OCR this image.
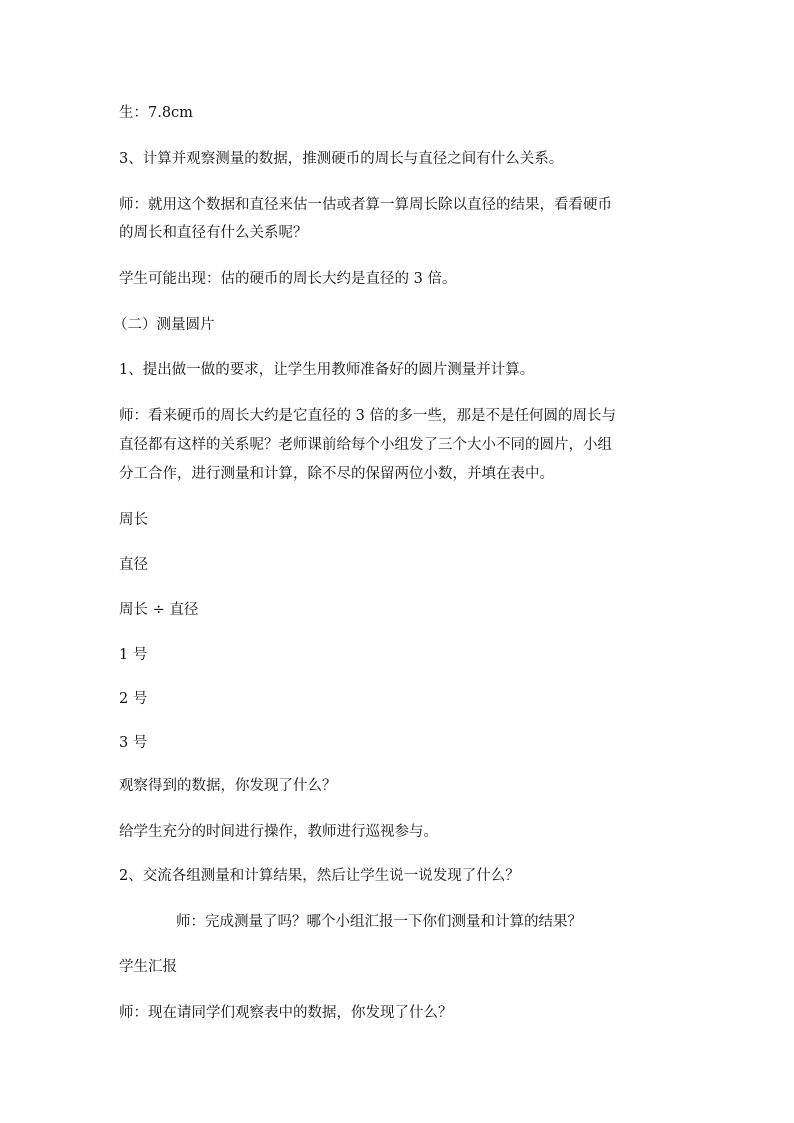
生：7.8cm
3、计算并观察测量的数据，推测硬币的周长与直径之间有什么关系。
师：就用这个数据和直径来估一估或者算一算周长除以直径的结果，看看硬币
的周长和直径有什么关系呢？
学生可能出现：估的硬币的周长大约是直径的 3 倍。
（二）测量圆片
1、提出做一做的要求，让学生用教师准备好的圆片测量并计算。
师：看来硬币的周长大约是它直径的 3 倍的多一些，那是不是任何圆的周长与
直径都有这样的关系呢？老师课前给每个小组发了三个大小不同的圆片，小组
分工合作，进行测量和计算，除不尽的保留两位小数，并填在表中。
周长
直径
周长 ÷ 直径
1 号
2 号
3 号
观察得到的数据，你发现了什么？
给学生充分的时间进行操作，教师进行巡视参与。
2、交流各组测量和计算结果，然后让学生说一说发现了什么？
师：完成测量了吗？哪个小组汇报一下你们测量和计算的结果？
学生汇报
师：现在请同学们观察表中的数据，你发现了什么？
